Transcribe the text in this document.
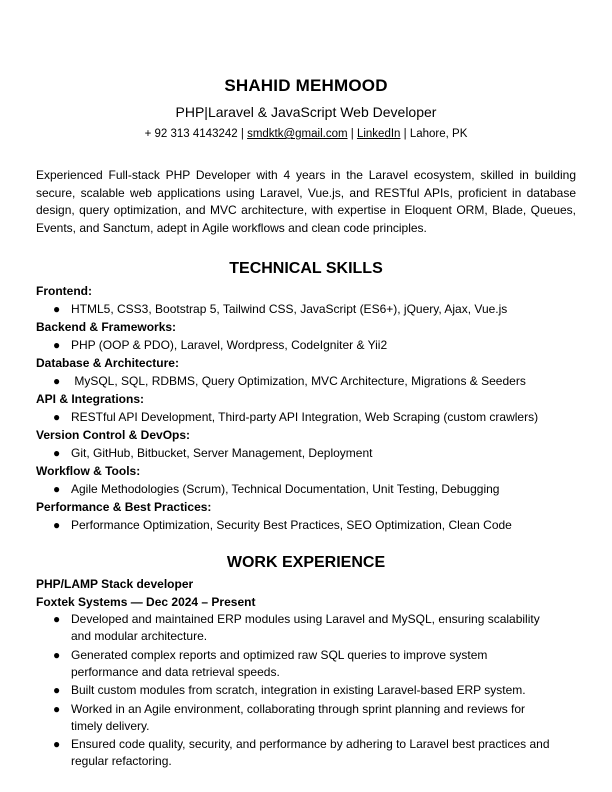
SHAHID MEHMOOD
PHP|Laravel & JavaScript Web Developer
+ 92 313 4143242 | smdktk@gmail.com | LinkedIn | Lahore, PK
Experienced Full-stack PHP Developer with 4 years in the Laravel ecosystem, skilled in building secure, scalable web applications using Laravel, Vue.js, and RESTful APIs, proficient in database design, query optimization, and MVC architecture, with expertise in Eloquent ORM, Blade, Queues, Events, and Sanctum, adept in Agile workflows and clean code principles.
TECHNICAL SKILLS
Frontend:
● HTML5, CSS3, Bootstrap 5, Tailwind CSS, JavaScript (ES6+), jQuery, Ajax, Vue.js
Backend & Frameworks:
● PHP (OOP & PDO), Laravel, Wordpress, CodeIgniter & Yii2
Database & Architecture:
● MySQL, SQL, RDBMS, Query Optimization, MVC Architecture, Migrations & Seeders
API & Integrations:
● RESTful API Development, Third-party API Integration, Web Scraping (custom crawlers)
Version Control & DevOps:
● Git, GitHub, Bitbucket, Server Management, Deployment
Workflow & Tools:
● Agile Methodologies (Scrum), Technical Documentation, Unit Testing, Debugging
Performance & Best Practices:
● Performance Optimization, Security Best Practices, SEO Optimization, Clean Code
WORK EXPERIENCE
PHP/LAMP Stack developer
Foxtek Systems — Dec 2024 – Present
● Developed and maintained ERP modules using Laravel and MySQL, ensuring scalability and modular architecture.
● Generated complex reports and optimized raw SQL queries to improve system performance and data retrieval speeds.
● Built custom modules from scratch, integration in existing Laravel-based ERP system.
● Worked in an Agile environment, collaborating through sprint planning and reviews for timely delivery.
● Ensured code quality, security, and performance by adhering to Laravel best practices and regular refactoring.
